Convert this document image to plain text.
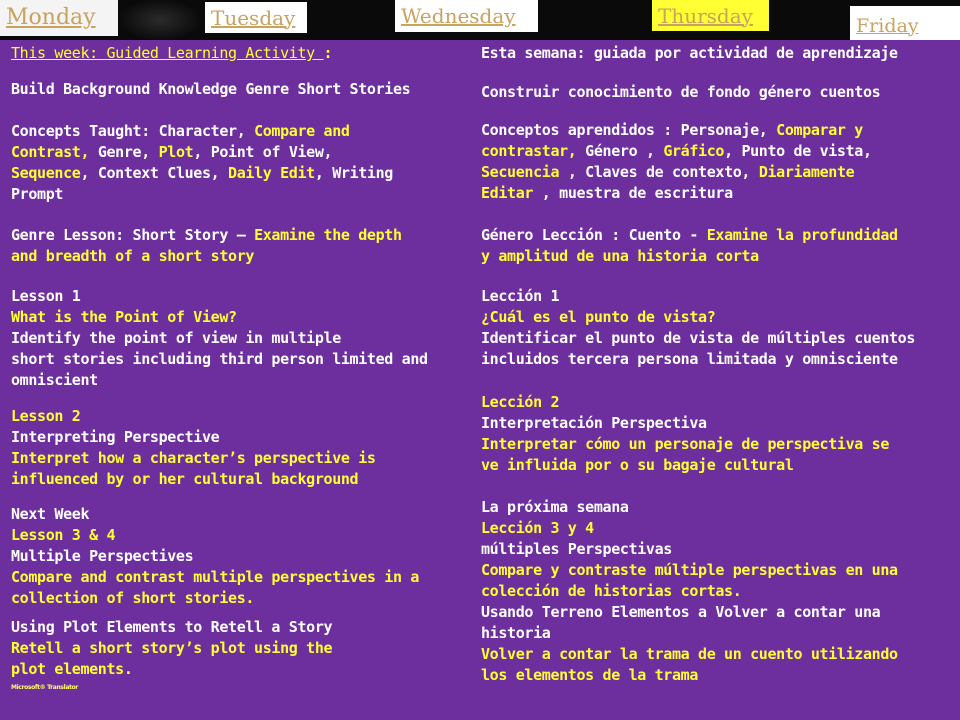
Monday	Tuesday	Wednesday	Thursday	Friday
This week: Guided Learning Activity :
Build Background Knowledge Genre Short Stories
Concepts Taught: Character, Compare and
Contrast, Genre, Plot, Point of View,
Sequence, Context Clues, Daily Edit, Writing
Prompt
Genre Lesson: Short Story – Examine the depth
and breadth of a short story
Lesson 1
What is the Point of View?
Identify the point of view in multiple
short stories including third person limited and
omniscient
Lesson 2
Interpreting Perspective
Interpret how a character’s perspective is
influenced by or her cultural background
Next Week
Lesson 3 & 4
Multiple Perspectives
Compare and contrast multiple perspectives in a
collection of short stories.
Using Plot Elements to Retell a Story
Retell a short story’s plot using the
plot elements.
Microsoft® Translator
Esta semana: guiada por actividad de aprendizaje
Construir conocimiento de fondo género cuentos
Conceptos aprendidos : Personaje, Comparar y
contrastar, Género , Gráfico, Punto de vista,
Secuencia , Claves de contexto, Diariamente
Editar , muestra de escritura
Género Lección : Cuento - Examine la profundidad
y amplitud de una historia corta
Lección 1
¿Cuál es el punto de vista?
Identificar el punto de vista de múltiples cuentos
incluidos tercera persona limitada y omnisciente
Lección 2
Interpretación Perspectiva
Interpretar cómo un personaje de perspectiva se
ve influida por o su bagaje cultural
La próxima semana
Lección 3 y 4
múltiples Perspectivas
Compare y contraste múltiple perspectivas en una
colección de historias cortas.
Usando Terreno Elementos a Volver a contar una
historia
Volver a contar la trama de un cuento utilizando
los elementos de la trama
